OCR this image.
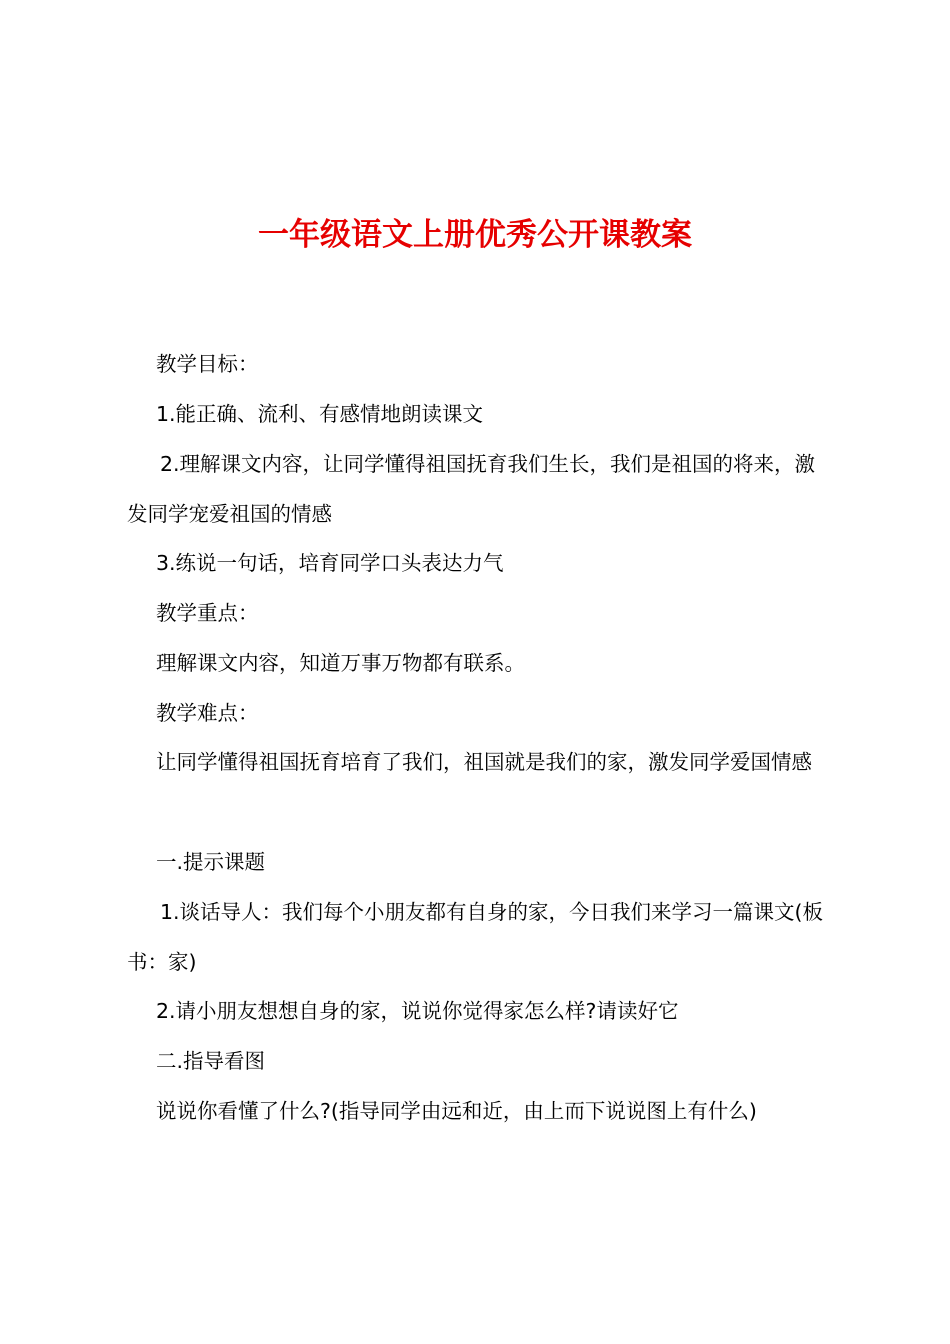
一年级语文上册优秀公开课教案

教学目标：

1.能正确、流利、有感情地朗读课文

2.理解课文内容，让同学懂得祖国抚育我们生长，我们是祖国的将来，激发同学宠爱祖国的情感

3.练说一句话，培育同学口头表达力气

教学重点：

理解课文内容，知道万事万物都有联系。

教学难点：

让同学懂得祖国抚育培育了我们，祖国就是我们的家，激发同学爱国情感

一.提示课题

1.谈话导人：我们每个小朋友都有自身的家，今日我们来学习一篇课文(板书：家)

2.请小朋友想想自身的家，说说你觉得家怎么样?请读好它

二.指导看图

说说你看懂了什么?(指导同学由远和近，由上而下说说图上有什么)
